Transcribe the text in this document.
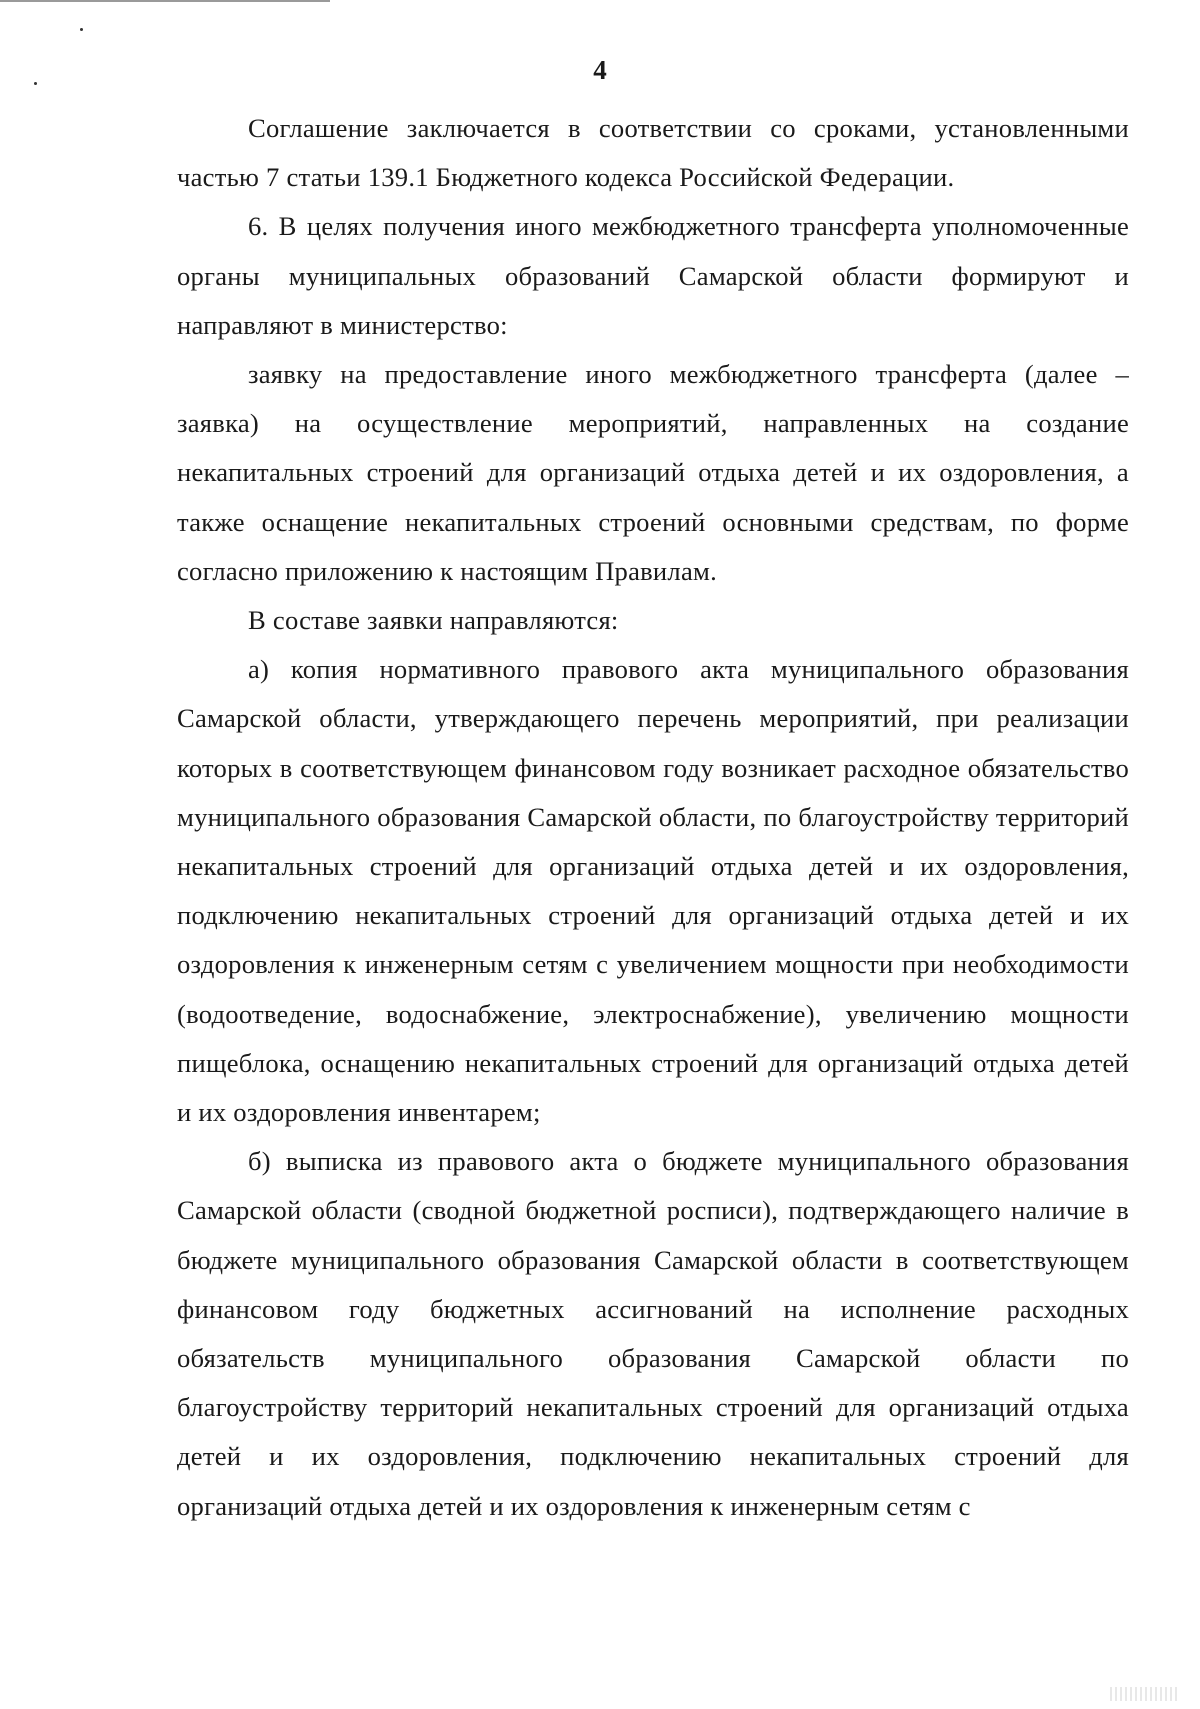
4

Соглашение заключается в соответствии со сроками, установленными частью 7 статьи 139.1 Бюджетного кодекса Российской Федерации.

6. В целях получения иного межбюджетного трансферта уполномоченные органы муниципальных образований Самарской области формируют и направляют в министерство:

заявку на предоставление иного межбюджетного трансферта (далее – заявка) на осуществление мероприятий, направленных на создание некапитальных строений для организаций отдыха детей и их оздоровления, а также оснащение некапитальных строений основными средствам, по форме согласно приложению к настоящим Правилам.

В составе заявки направляются:

а) копия нормативного правового акта муниципального образования Самарской области, утверждающего перечень мероприятий, при реализации которых в соответствующем финансовом году возникает расходное обязательство муниципального образования Самарской области, по благоустройству территорий некапитальных строений для организаций отдыха детей и их оздоровления, подключению некапитальных строений для организаций отдыха детей и их оздоровления к инженерным сетям с увеличением мощности при необходимости (водоотведение, водоснабжение, электроснабжение), увеличению мощности пищеблока, оснащению некапитальных строений для организаций отдыха детей и их оздоровления инвентарем;

б) выписка из правового акта о бюджете муниципального образования Самарской области (сводной бюджетной росписи), подтверждающего наличие в бюджете муниципального образования Самарской области в соответствующем финансовом году бюджетных ассигнований на исполнение расходных обязательств муниципального образования Самарской области по благоустройству территорий некапитальных строений для организаций отдыха детей и их оздоровления, подключению некапитальных строений для организаций отдыха детей и их оздоровления к инженерным сетям с
